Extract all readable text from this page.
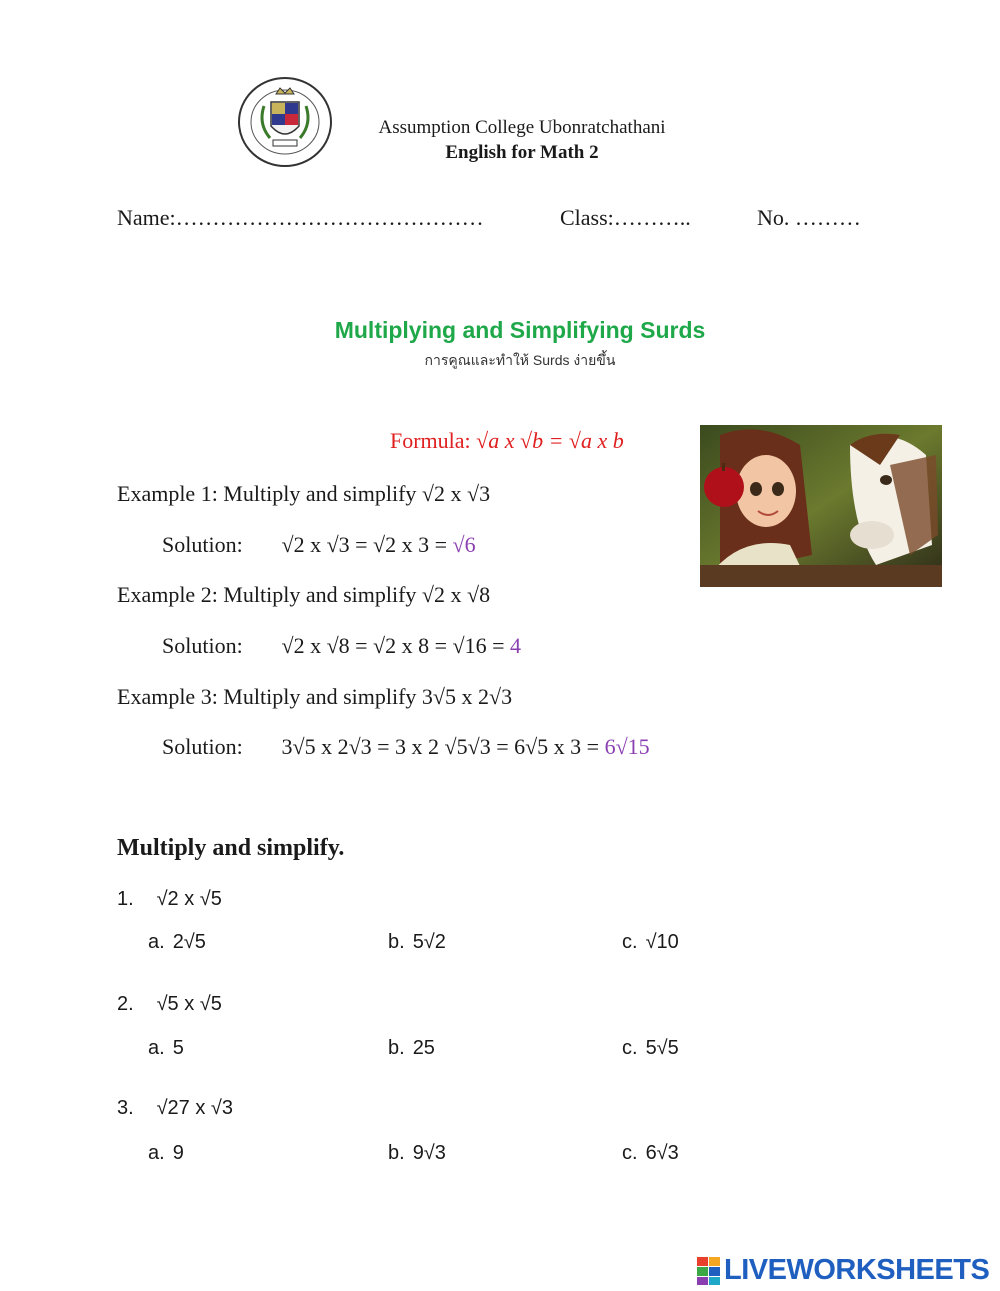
Assumption College Ubonratchathani
English for Math 2
Name:……………………………………	Class:………..	No. ………
Multiplying and Simplifying Surds
การคูณและทำให้ Surds ง่ายขึ้น
Formula: √a x √b = √a x b
Example 1: Multiply and simplify √2 x √3
Solution: √2 x √3 = √2 x 3 = √6
Example 2: Multiply and simplify √2 x √8
Solution: √2 x √8 = √2 x 8 = √16 = 4
Example 3: Multiply and simplify 3√5 x 2√3
Solution: 3√5 x 2√3 = 3 x 2 √5√3 = 6√5 x 3 = 6√15
Multiply and simplify.
1. √2 x √5
a. 2√5	b. 5√2	c. √10
2. √5 x √5
a. 5	b. 25	c. 5√5
3. √27 x √3
a. 9	b. 9√3	c. 6√3
LIVEWORKSHEETS
